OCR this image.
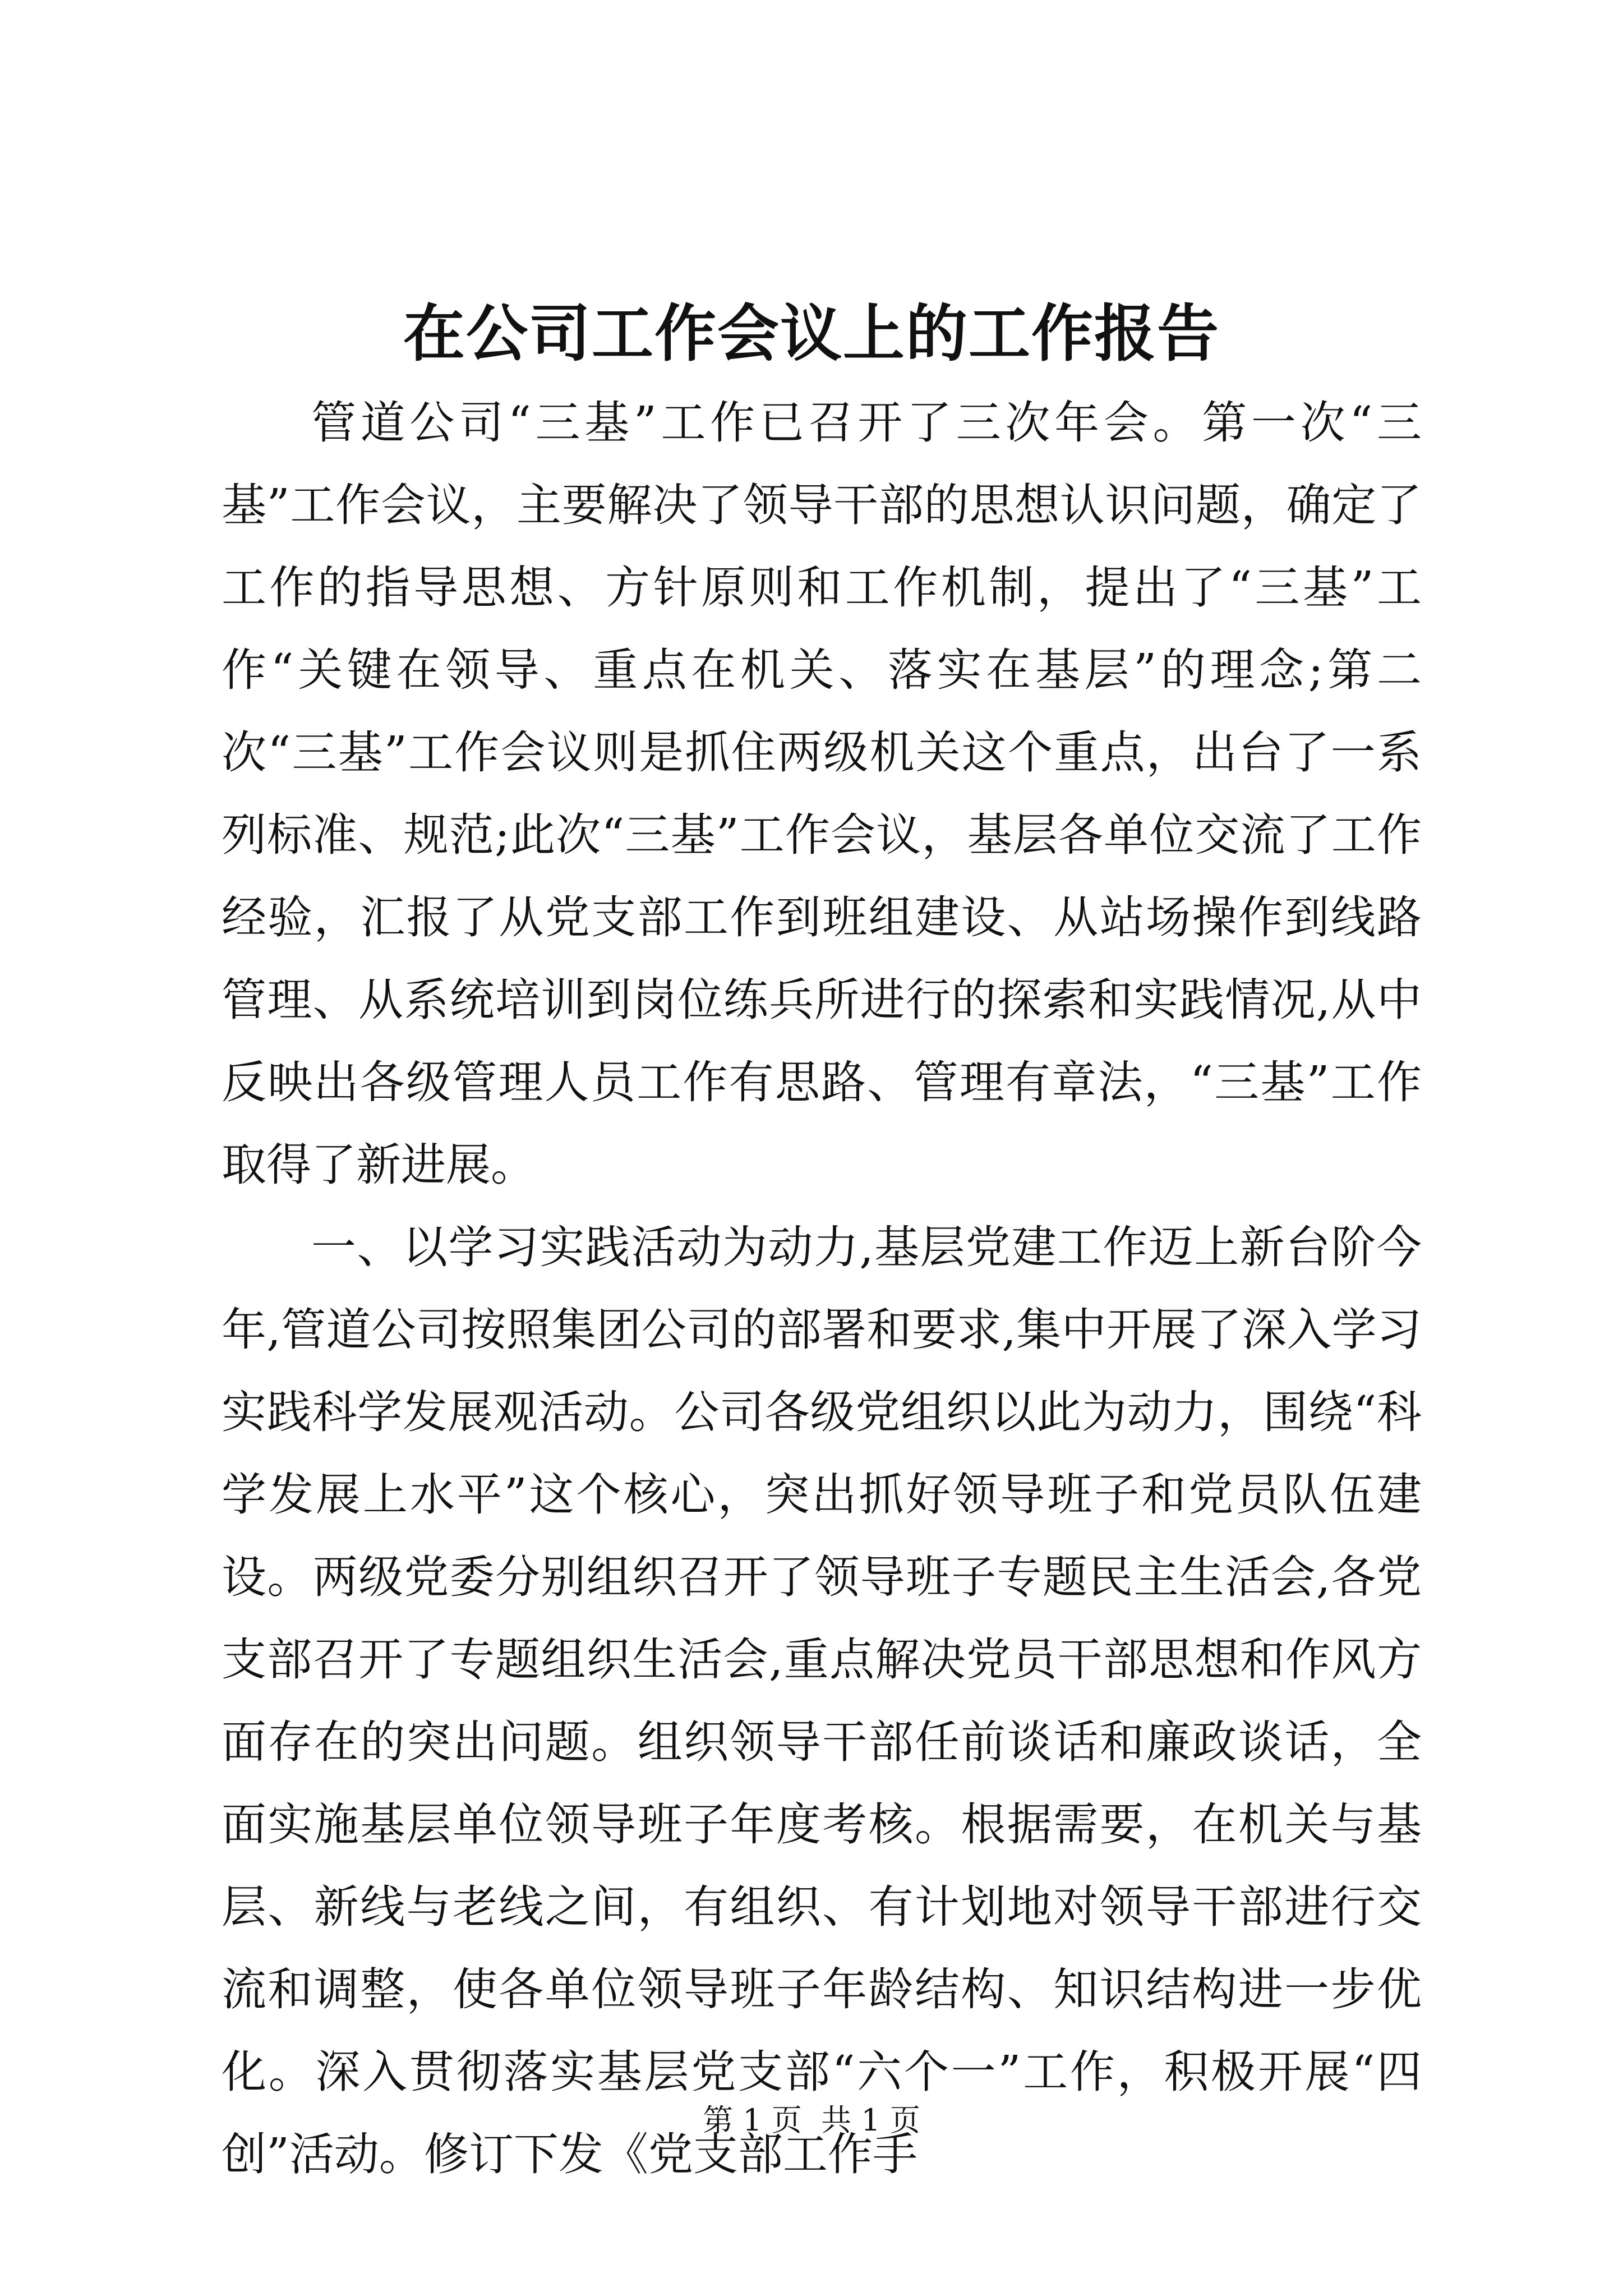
在公司工作会议上的工作报告

管道公司“三基”工作已召开了三次年会。第一次“三基”工作会议，主要解决了领导干部的思想认识问题，确定了工作的指导思想、方针原则和工作机制，提出了“三基”工作“关键在领导、重点在机关、落实在基层”的理念;第二次“三基”工作会议则是抓住两级机关这个重点，出台了一系列标准、规范;此次“三基”工作会议，基层各单位交流了工作经验，汇报了从党支部工作到班组建设、从站场操作到线路管理、从系统培训到岗位练兵所进行的探索和实践情况,从中反映出各级管理人员工作有思路、管理有章法，“三基”工作取得了新进展。

一、以学习实践活动为动力,基层党建工作迈上新台阶今年,管道公司按照集团公司的部署和要求,集中开展了深入学习实践科学发展观活动。公司各级党组织以此为动力，围绕“科学发展上水平”这个核心，突出抓好领导班子和党员队伍建设。两级党委分别组织召开了领导班子专题民主生活会,各党支部召开了专题组织生活会,重点解决党员干部思想和作风方面存在的突出问题。组织领导干部任前谈话和廉政谈话，全面实施基层单位领导班子年度考核。根据需要，在机关与基层、新线与老线之间，有组织、有计划地对领导干部进行交流和调整，使各单位领导班子年龄结构、知识结构进一步优化。深入贯彻落实基层党支部“六个一”工作，积极开展“四创”活动。修订下发《党支部工作手

第 1 页  共 1 页
